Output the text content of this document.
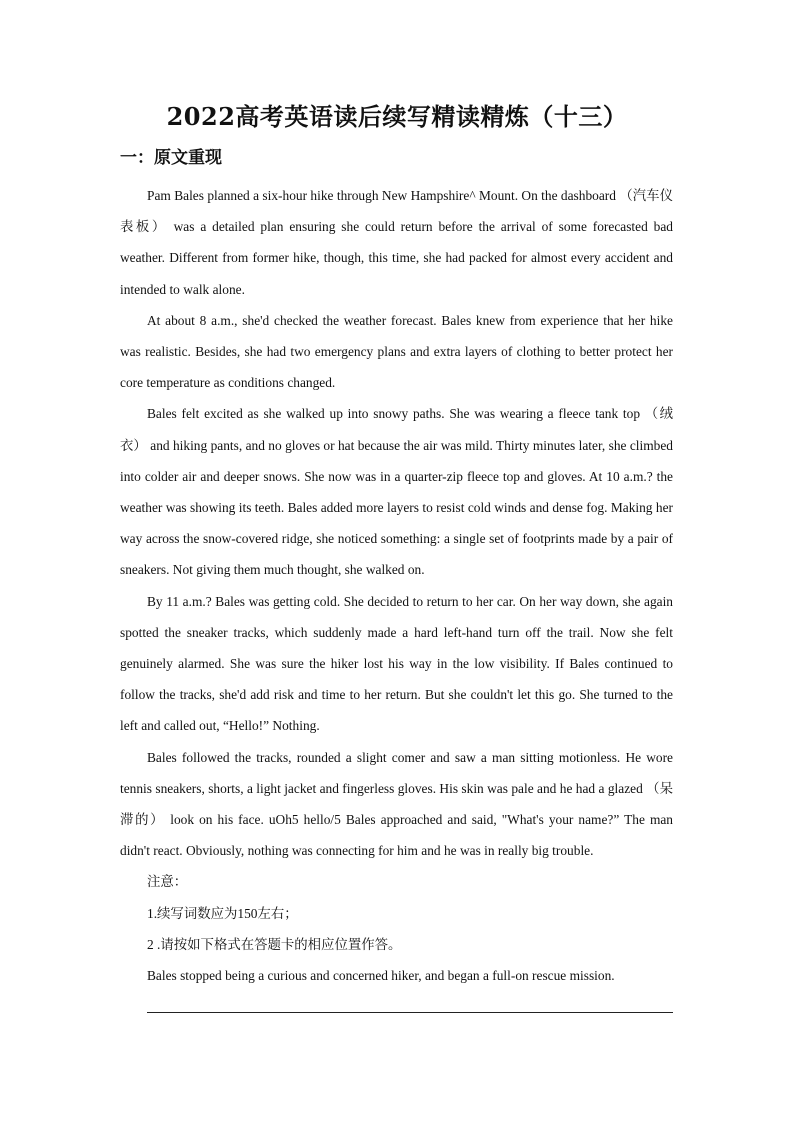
2022高考英语读后续写精读精炼（十三）
一：原文重现

Pam Bales planned a six-hour hike through New Hampshire^ Mount. On the dashboard （汽车仪表板） was a detailed plan ensuring she could return before the arrival of some forecasted bad weather. Different from former hike, though, this time, she had packed for almost every accident and intended to walk alone.

At about 8 a.m., she'd checked the weather forecast. Bales knew from experience that her hike was realistic. Besides, she had two emergency plans and extra layers of clothing to better protect her core temperature as conditions changed.

Bales felt excited as she walked up into snowy paths. She was wearing a fleece tank top （绒衣） and hiking pants, and no gloves or hat because the air was mild. Thirty minutes later, she climbed into colder air and deeper snows. She now was in a quarter-zip fleece top and gloves. At 10 a.m.? the weather was showing its teeth. Bales added more layers to resist cold winds and dense fog. Making her way across the snow-covered ridge, she noticed something: a single set of footprints made by a pair of sneakers. Not giving them much thought, she walked on.

By 11 a.m.? Bales was getting cold. She decided to return to her car. On her way down, she again spotted the sneaker tracks, which suddenly made a hard left-hand turn off the trail. Now she felt genuinely alarmed. She was sure the hiker lost his way in the low visibility. If Bales continued to follow the tracks, she'd add risk and time to her return. But she couldn't let this go. She turned to the left and called out, “Hello!” Nothing.

Bales followed the tracks, rounded a slight comer and saw a man sitting motionless. He wore tennis sneakers, shorts, a light jacket and fingerless gloves. His skin was pale and he had a glazed （呆滞的） look on his face. uOh5 hello/5 Bales approached and said, "What's your name?” The man didn't react. Obviously, nothing was connecting for him and he was in really big trouble.

注意：

1.续写词数应为150左右；

2 .请按如下格式在答题卡的相应位置作答。

Bales stopped being a curious and concerned hiker, and began a full-on rescue mission.
